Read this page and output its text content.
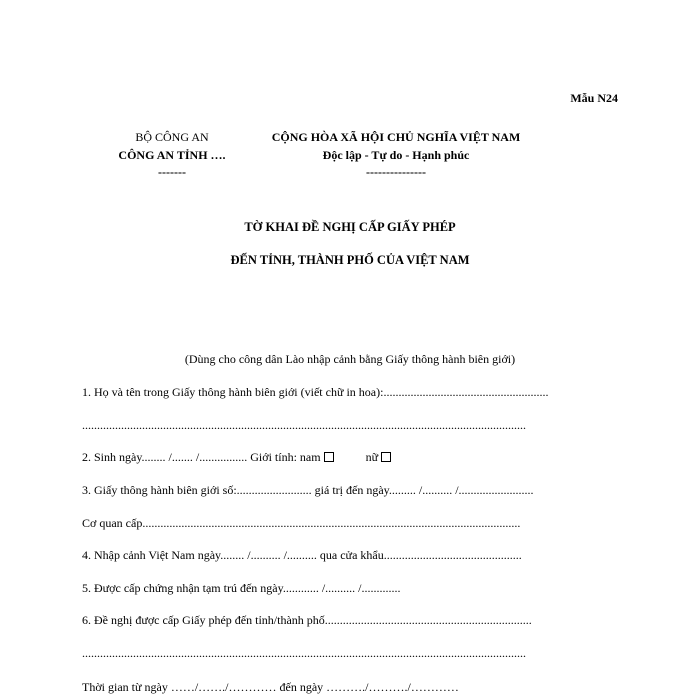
Mẫu N24
BỘ CÔNG AN
CÔNG AN TỈNH ….
-------
CỘNG HÒA XÃ HỘI CHỦ NGHĨA VIỆT NAM
Độc lập - Tự do - Hạnh phúc
---------------
TỜ KHAI ĐỀ NGHỊ CẤP GIẤY PHÉP
ĐẾN TỈNH, THÀNH PHỐ CỦA VIỆT NAM
(Dùng cho công dân Lào nhập cảnh bằng Giấy thông hành biên giới)
1. Họ và tên trong Giấy thông hành biên giới (viết chữ in hoa):.......................................................
....................................................................................................................................................
2. Sinh ngày........ /....... /................ Giới tính: nam	nữ
3. Giấy thông hành biên giới số:......................... giá trị đến ngày......... /.......... /.........................
Cơ quan cấp..............................................................................................................................
4. Nhập cảnh Việt Nam ngày........ /.......... /.......... qua cửa khẩu..............................................
5. Được cấp chứng nhận tạm trú đến ngày............ /.......... /.............
6. Đề nghị được cấp Giấy phép đến tỉnh/thành phố.....................................................................
....................................................................................................................................................
Thời gian từ ngày ……/……./………… đến ngày ………./………./…………
